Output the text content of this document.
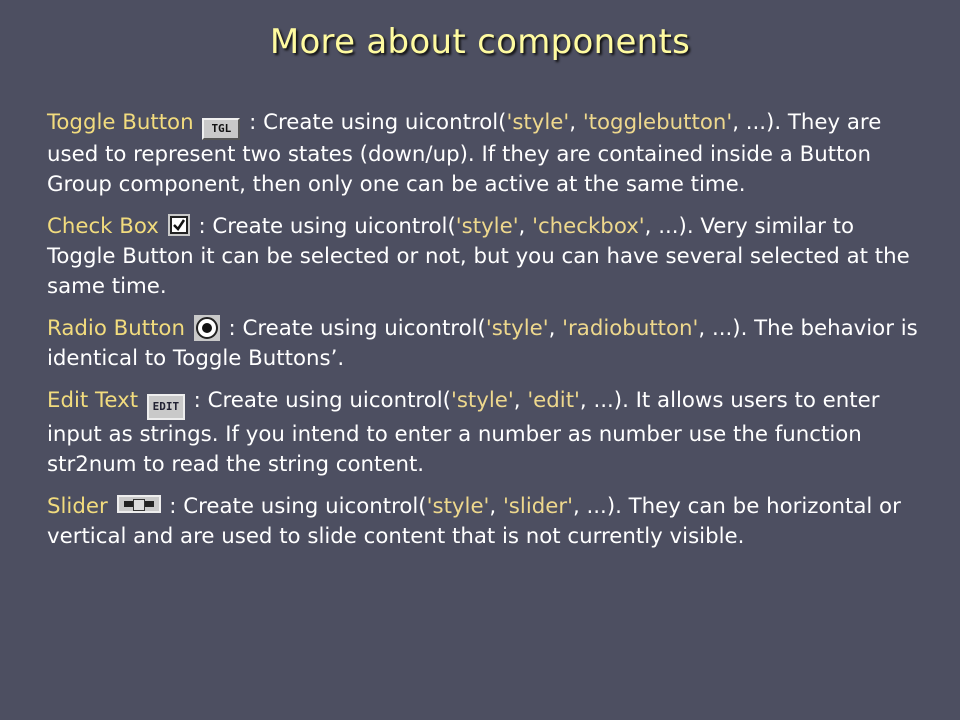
More about components

Toggle Button TGL : Create using uicontrol('style', 'togglebutton', ...). They are used to represent two states (down/up). If they are contained inside a Button Group component, then only one can be active at the same time.

Check Box : Create using uicontrol('style', 'checkbox', ...). Very similar to Toggle Button it can be selected or not, but you can have several selected at the same time.

Radio Button : Create using uicontrol('style', 'radiobutton', ...). The behavior is identical to Toggle Buttons’.

Edit Text EDIT : Create using uicontrol('style', 'edit', ...). It allows users to enter input as strings. If you intend to enter a number as number use the function str2num to read the string content.

Slider	: Create using uicontrol('style', 'slider', ...). They can be horizontal or vertical and are used to slide content that is not currently visible.
